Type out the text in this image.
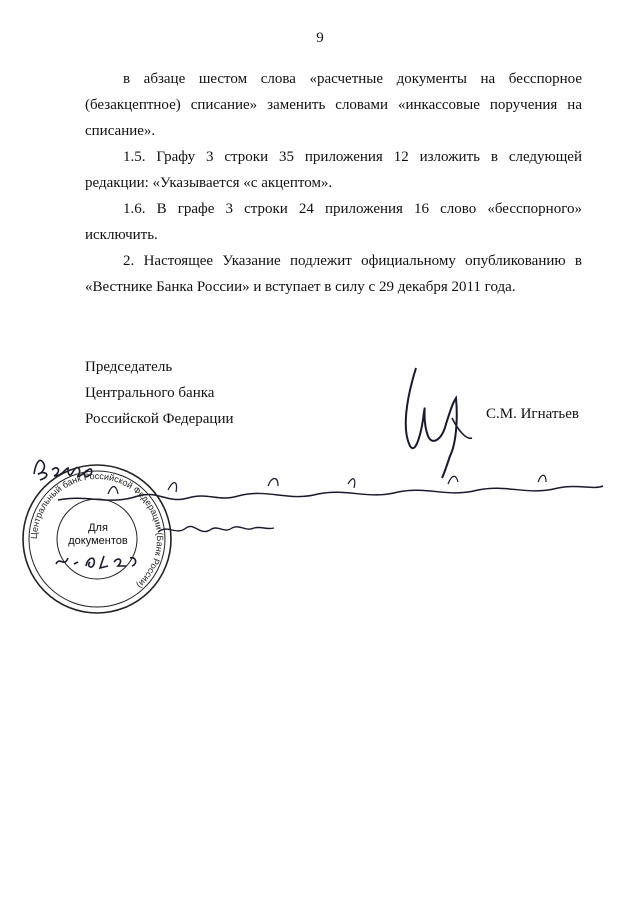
9

в абзаце шестом слова «расчетные документы на бесспорное (безакцептное) списание» заменить словами «инкассовые поручения на списание».

1.5. Графу 3 строки 35 приложения 12 изложить в следующей редакции: «Указывается «с акцептом».

1.6. В графе 3 строки 24 приложения 16 слово «бесспорного» исключить.

2. Настоящее Указание подлежит официальному опубликованию в «Вестнике Банка России» и вступает в силу с 29 декабря 2011 года.

Председатель
Центрального банка
Российской Федерации	С.М. Игнатьев
Центральный банк Российской Федерации (Банк России)
Для
документов
